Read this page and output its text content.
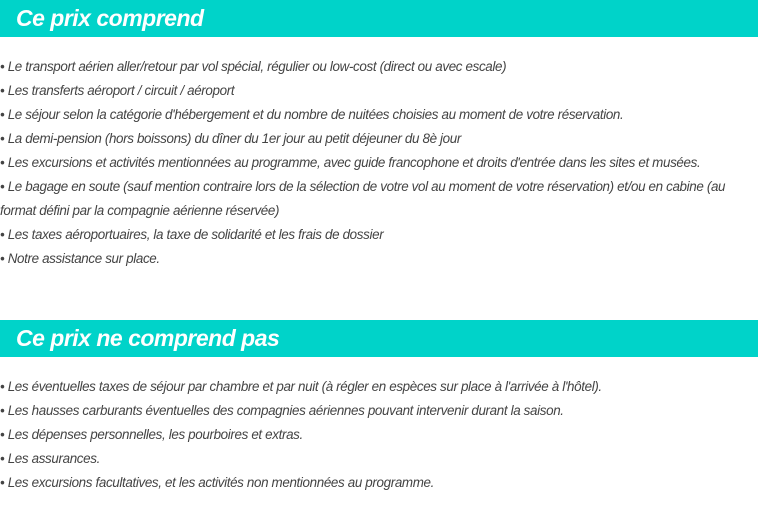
Ce prix comprend
• Le transport aérien aller/retour par vol spécial, régulier ou low-cost (direct ou avec escale)
• Les transferts aéroport / circuit / aéroport
• Le séjour selon la catégorie d'hébergement et du nombre de nuitées choisies au moment de votre réservation.
• La demi-pension (hors boissons) du dîner du 1er jour au petit déjeuner du 8è jour
• Les excursions et activités mentionnées au programme, avec guide francophone et droits d'entrée dans les sites et musées.
• Le bagage en soute (sauf mention contraire lors de la sélection de votre vol au moment de votre réservation) et/ou en cabine (au format défini par la compagnie aérienne réservée)
• Les taxes aéroportuaires, la taxe de solidarité et les frais de dossier
• Notre assistance sur place.
Ce prix ne comprend pas
• Les éventuelles taxes de séjour par chambre et par nuit (à régler en espèces sur place à l'arrivée à l'hôtel).
• Les hausses carburants éventuelles des compagnies aériennes pouvant intervenir durant la saison.
• Les dépenses personnelles, les pourboires et extras.
• Les assurances.
• Les excursions facultatives, et les activités non mentionnées au programme.
